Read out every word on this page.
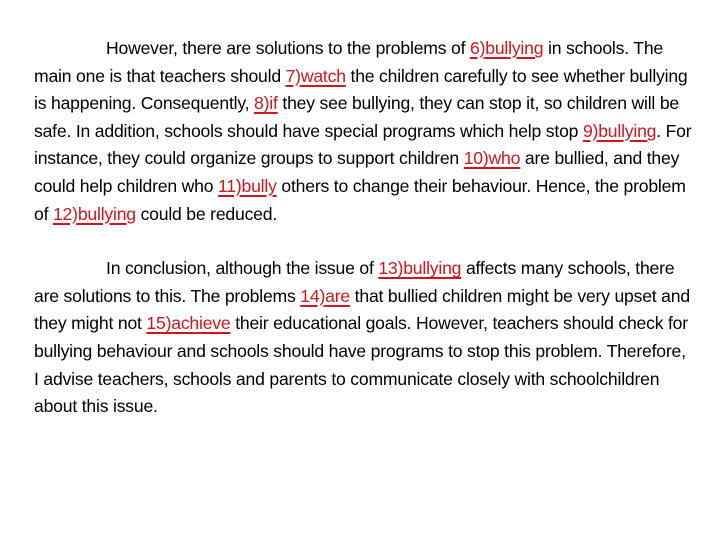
However, there are solutions to the problems of 6)bullying in schools. The main one is that teachers should 7)watch the children carefully to see whether bullying is happening. Consequently, 8)if they see bullying, they can stop it, so children will be safe. In addition, schools should have special programs which help stop 9)bullying. For instance, they could organize groups to support children 10)who are bullied, and they could help children who 11)bully others to change their behaviour. Hence, the problem of 12)bullying could be reduced.

In conclusion, although the issue of 13)bullying affects many schools, there are solutions to this. The problems 14)are that bullied children might be very upset and they might not 15)achieve their educational goals. However, teachers should check for bullying behaviour and schools should have programs to stop this problem. Therefore, I advise teachers, schools and parents to communicate closely with schoolchildren about this issue.
